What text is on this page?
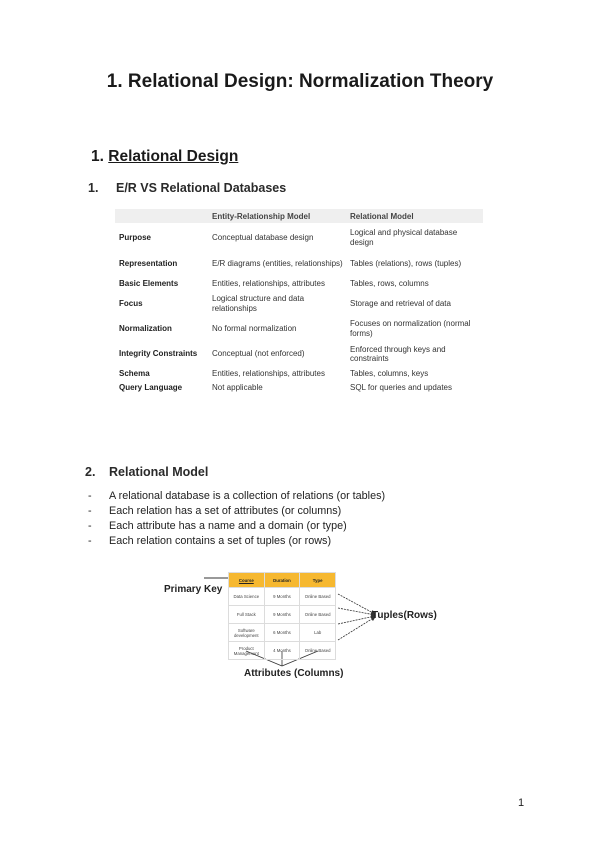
1. Relational Design: Normalization Theory
1. Relational Design
1. E/R VS Relational Databases
	Entity-Relationship Model	Relational Model
Purpose	Conceptual database design	Logical and physical database design
Representation	E/R diagrams (entities, relationships)	Tables (relations), rows (tuples)
Basic Elements	Entities, relationships, attributes	Tables, rows, columns
Focus	Logical structure and data relationships	Storage and retrieval of data
Normalization	No formal normalization	Focuses on normalization (normal forms)
Integrity Constraints	Conceptual (not enforced)	Enforced through keys and constraints
Schema	Entities, relationships, attributes	Tables, columns, keys
Query Language	Not applicable	SQL for queries and updates
2. Relational Model
- A relational database is a collection of relations (or tables)
- Each relation has a set of attributes (or columns)
- Each attribute has a name and a domain (or type)
- Each relation contains a set of tuples (or rows)
Primary Key
Course	Duration	Type
Data Science	9 Months	Online Based
Full Stack	9 Months	Online Based
Software development	6 Months	Lab
Product Management	4 Months	Online Based
Tuples(Rows)
Attributes (Columns)
1
